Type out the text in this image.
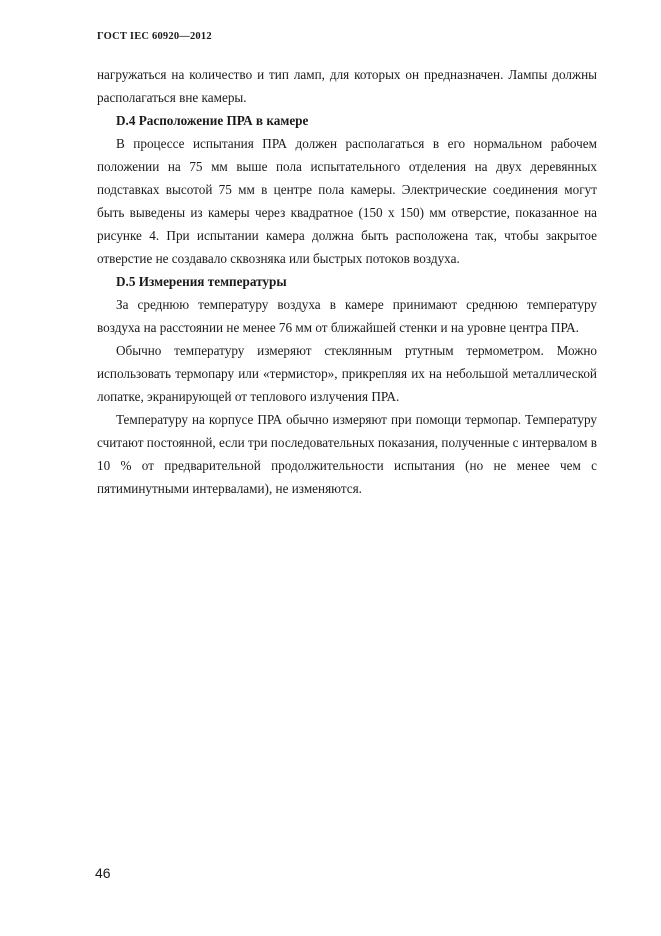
ГОСТ IEC 60920—2012

нагружаться на количество и тип ламп, для которых он предназначен. Лампы должны располагаться вне камеры.

D.4 Расположение ПРА в камере

В процессе испытания ПРА должен располагаться в его нормальном рабочем положении на 75 мм выше пола испытательного отделения на двух деревянных подставках высотой 75 мм в центре пола камеры. Электрические соединения могут быть выведены из камеры через квадратное (150 х 150) мм отверстие, показанное на рисунке 4. При испытании камера должна быть расположена так, чтобы закрытое отверстие не создавало сквозняка или быстрых потоков воздуха.

D.5 Измерения температуры

За среднюю температуру воздуха в камере принимают среднюю температуру воздуха на расстоянии не менее 76 мм от ближайшей стенки и на уровне центра ПРА.

Обычно температуру измеряют стеклянным ртутным термометром. Можно использовать термопару или «термистор», прикрепляя их на небольшой металлической лопатке, экранирующей от теплового излучения ПРА.

Температуру на корпусе ПРА обычно измеряют при помощи термопар. Температуру считают постоянной, если три последовательных показания, полученные с интервалом в 10 % от предварительной продолжительности испытания (но не менее чем с пятиминутными интервалами), не изменяются.

46
